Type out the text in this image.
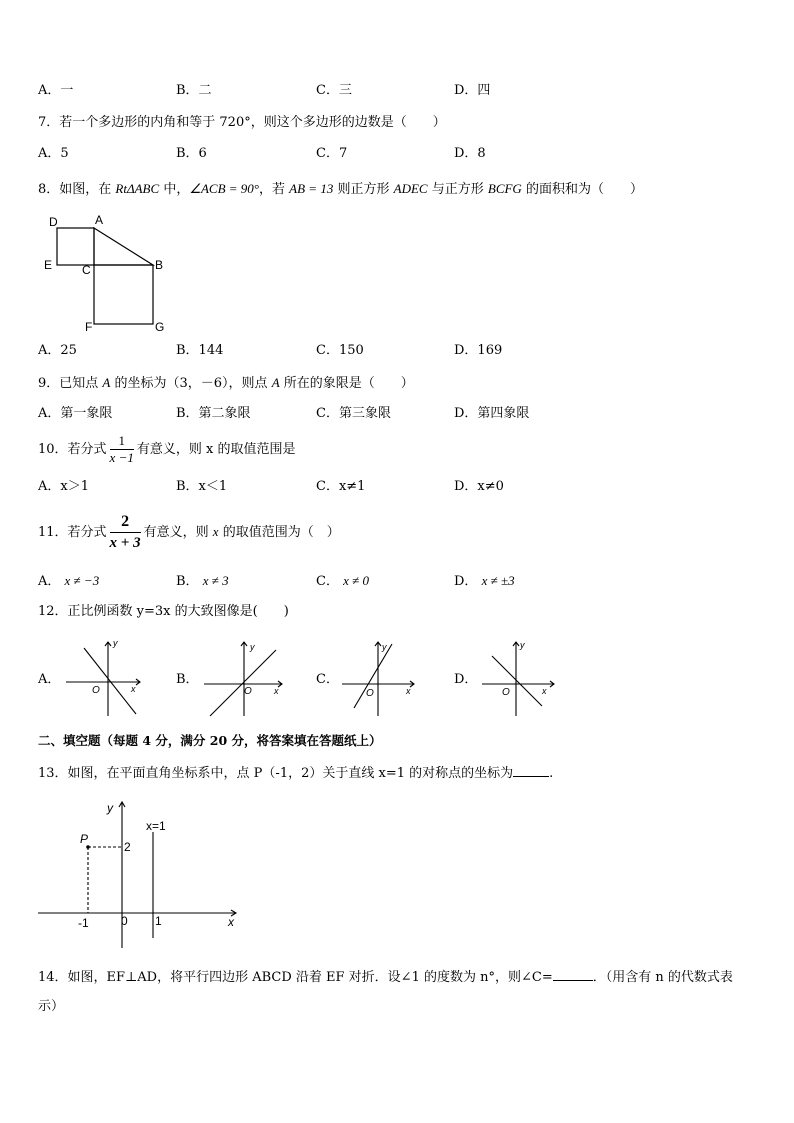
A．一	B．二	C．三	D．四
7．若一个多边形的内角和等于 720°，则这个多边形的边数是（　　）
A．5	B．6	C．7	D．8
8．如图，在 RtΔABC 中，∠ACB = 90°，若 AB = 13 则正方形 ADEC 与正方形 BCFG 的面积和为（　　）
D	A
E C	B
F	G
A．25	B．144	C．150	D．169
9．已知点 A 的坐标为（3，－6），则点 A 所在的象限是（　　）
A．第一象限	B．第二象限	C．第三象限	D．第四象限
10．若分式 $\frac{1}{x -1}$ 有意义，则 x 的取值范围是
A．x＞1	B．x＜1	C．x≠1	D．x≠0
11．若分式 $\frac{2}{x + 3}$ 有意义，则 x 的取值范围为（　）
A． x ≠ −3	B． x ≠ 3	C． x ≠ 0	D． x ≠ ±3
12．正比例函数 y=3x 的大致图像是(　　)
A．
y
x
O
B．
y
x
O
C．
y
x
O
D．
y
x
O
二、填空题（每题 4 分，满分 20 分，将答案填在答题纸上）
13．如图，在平面直角坐标系中，点 P（-1，2）关于直线 x=1 的对称点的坐标为	.
y
x=1
P
2
-1	0 1	x
14．如图，EF⊥AD，将平行四边形 ABCD 沿着 EF 对折．设∠1 的度数为 n°，则∠C=	．（用含有 n 的代数式表
示）
